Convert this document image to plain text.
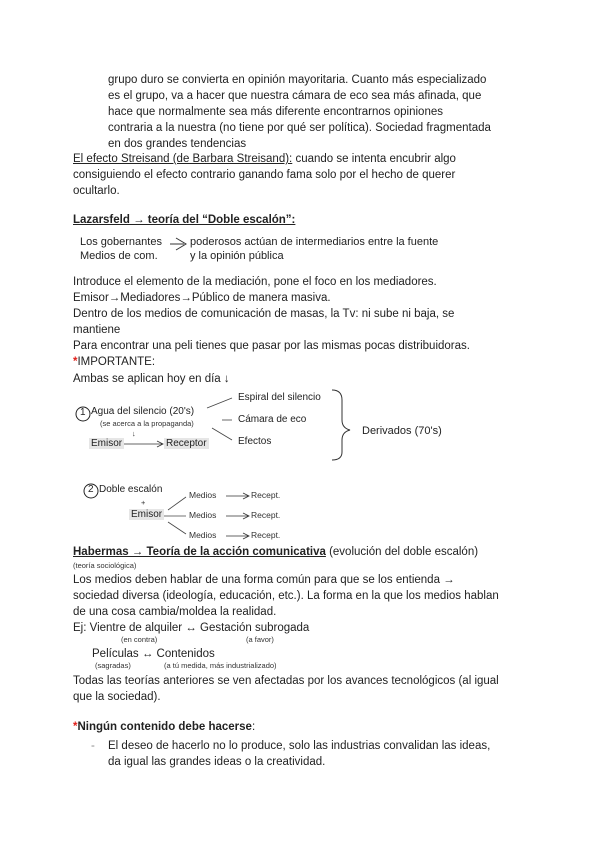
grupo duro se convierta en opinión mayoritaria. Cuanto más especializado
es el grupo, va a hacer que nuestra cámara de eco sea más afinada, que
hace que normalmente sea más diferente encontrarnos opiniones
contraria a la nuestra (no tiene por qué ser política). Sociedad fragmentada
en dos grandes tendencias
El efecto Streisand (de Barbara Streisand): cuando se intenta encubrir algo
consiguiendo el efecto contrario ganando fama solo por el hecho de querer
ocultarlo.
Lazarsfeld → teoría del “Doble escalón”:
Los gobernantes
Medios de com.
poderosos actúan de intermediarios entre la fuente
y la opinión pública
Introduce el elemento de la mediación, pone el foco en los mediadores.
Emisor→Mediadores→Público de manera masiva.
Dentro de los medios de comunicación de masas, la Tv: ni sube ni baja, se
mantiene
Para encontrar una peli tienes que pasar por las mismas pocas distribuidoras.
*IMPORTANTE:
Ambas se aplican hoy en día ↓
1 Agua del silencio (20's)
(se acerca a la propaganda)
↓
Emisor	Receptor
Espiral del silencio
Cámara de eco
Efectos
Derivados (70's)
2 Doble escalón
+
Emisor
Medios
Medios
Medios
Recept.
Recept.
Recept.
Habermas → Teoría de la acción comunicativa (evolución del doble escalón)
(teoría sociológica)
Los medios deben hablar de una forma común para que se los entienda →
sociedad diversa (ideología, educación, etc.). La forma en la que los medios hablan
de una cosa cambia/moldea la realidad.
Ej: Vientre de alquiler ↔ Gestación subrogada
(en contra)	(a favor)
Películas ↔ Contenidos
(sagradas)	(a tú medida, más industrializado)
Todas las teorías anteriores se ven afectadas por los avances tecnológicos (al igual
que la sociedad).
*Ningún contenido debe hacerse:
- El deseo de hacerlo no lo produce, solo las industrias convalidan las ideas,
da igual las grandes ideas o la creatividad.
